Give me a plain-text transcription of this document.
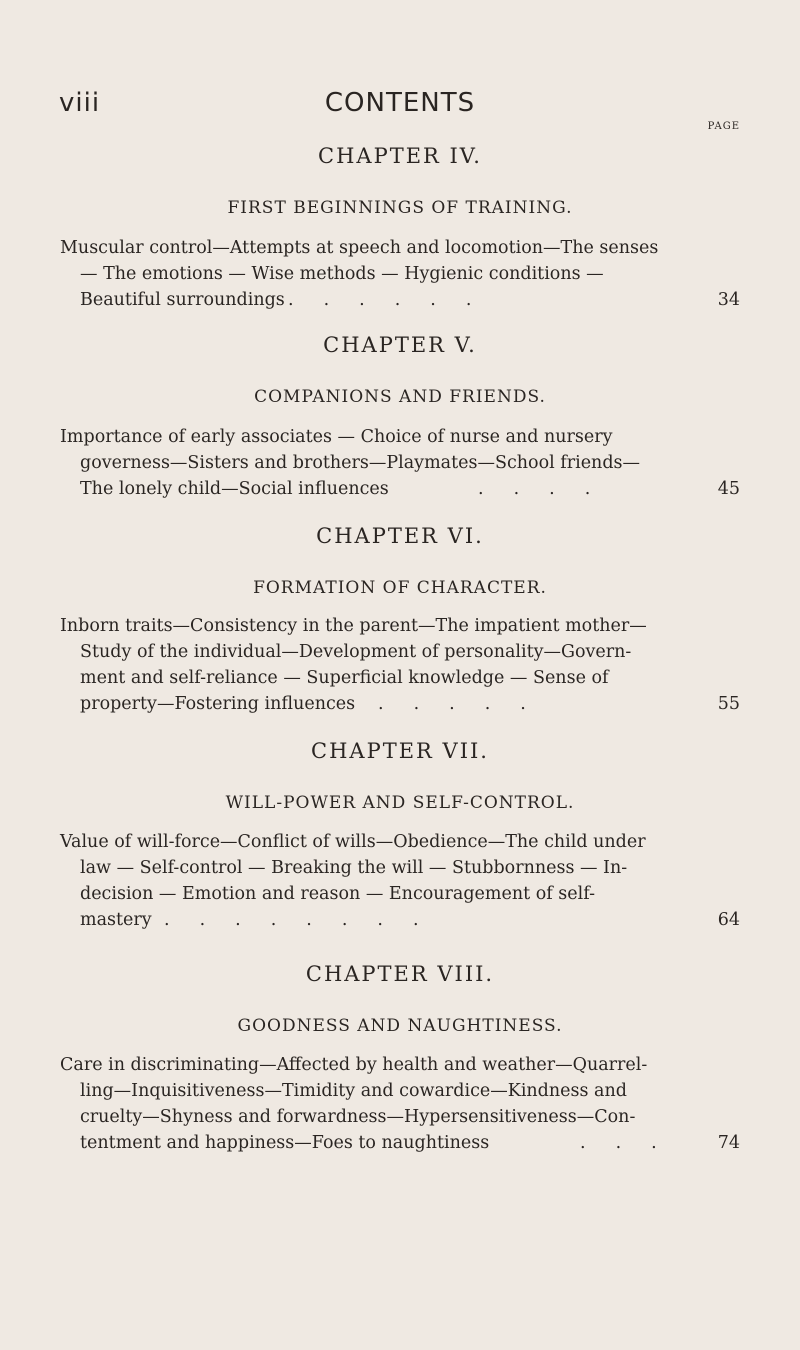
viii	CONTENTS
CHAPTER IV.
FIRST BEGINNINGS OF TRAINING.
PAGE
Muscular control—Attempts at speech and locomotion—The senses
— The emotions — Wise methods — Hygienic conditions —
Beautiful surroundings ......	34
CHAPTER V.
COMPANIONS AND FRIENDS.
Importance of early associates — Choice of nurse and nursery
governess—Sisters and brothers—Playmates—School friends—
The lonely child—Social influences	....	45
CHAPTER VI.
FORMATION OF CHARACTER.
Inborn traits—Consistency in the parent—The impatient mother—
Study of the individual—Development of personality—Govern-
ment and self-reliance — Superficial knowledge — Sense of
property—Fostering influences .....	55
CHAPTER VII.
WILL-POWER AND SELF-CONTROL.
Value of will-force—Conflict of wills—Obedience—The child under
law — Self-control — Breaking the will — Stubbornness — In-
decision — Emotion and reason — Encouragement of self-
mastery ........	64
CHAPTER VIII.
GOODNESS AND NAUGHTINESS.
Care in discriminating—Affected by health and weather—Quarrel-
ling—Inquisitiveness—Timidity and cowardice—Kindness and
cruelty—Shyness and forwardness—Hypersensitiveness—Con-
tentment and happiness—Foes to naughtiness	... 74
